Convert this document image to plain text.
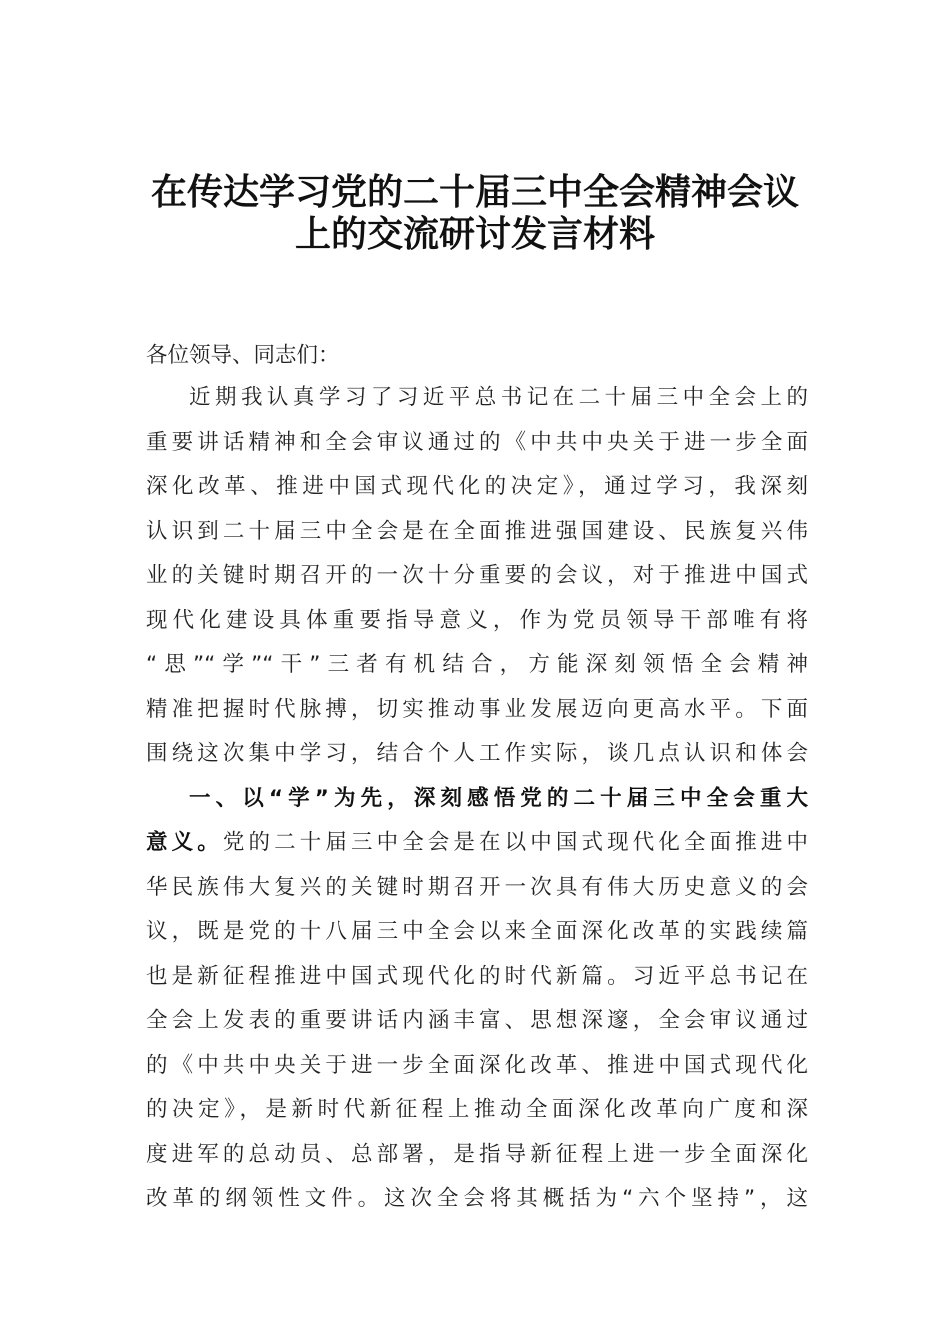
在传达学习党的二十届三中全会精神会议
上的交流研讨发言材料
各位领导、同志们：
近期我认真学习了习近平总书记在二十届三中全会上的
重要讲话精神和全会审议通过的《中共中央关于进一步全面
深化改革、推进中国式现代化的决定》，通过学习，我深刻
认识到二十届三中全会是在全面推进强国建设、民族复兴伟
业的关键时期召开的一次十分重要的会议，对于推进中国式
现代化建设具体重要指导意义，作为党员领导干部唯有将
“思”“学”“干”三者有机结合，方能深刻领悟全会精神
精准把握时代脉搏，切实推动事业发展迈向更高水平。下面
围绕这次集中学习，结合个人工作实际，谈几点认识和体会
一、以“学”为先，深刻感悟党的二十届三中全会重大
意义。党的二十届三中全会是在以中国式现代化全面推进中
华民族伟大复兴的关键时期召开一次具有伟大历史意义的会
议，既是党的十八届三中全会以来全面深化改革的实践续篇
也是新征程推进中国式现代化的时代新篇。习近平总书记在
全会上发表的重要讲话内涵丰富、思想深邃，全会审议通过
的《中共中央关于进一步全面深化改革、推进中国式现代化
的决定》，是新时代新征程上推动全面深化改革向广度和深
度进军的总动员、总部署，是指导新征程上进一步全面深化
改革的纲领性文件。这次全会将其概括为“六个坚持”，这
